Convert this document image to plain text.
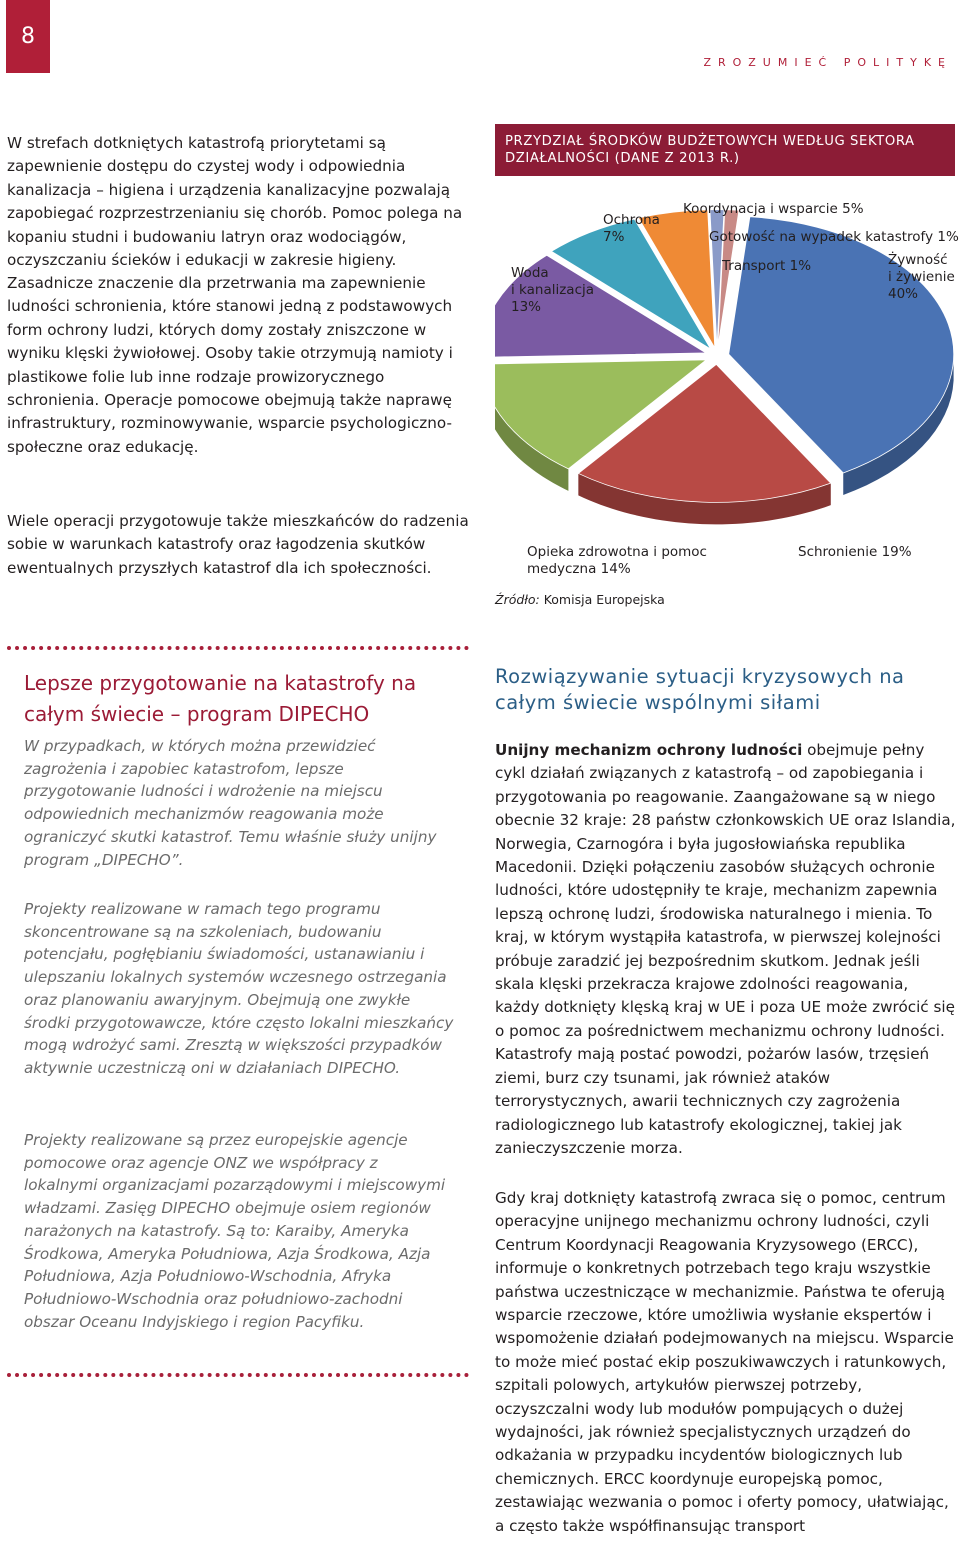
8
ZROZUMIEĆ POLITYKĘ

W strefach dotkniętych katastrofą priorytetami są zapewnienie dostępu do czystej wody i odpowiednia kanalizacja – higiena i urządzenia kanalizacyjne pozwalają zapobiegać rozprzestrzenianiu się chorób. Pomoc polega na kopaniu studni i budowaniu latryn oraz wodociągów, oczyszczaniu ścieków i edukacji w zakresie higieny.

Zasadnicze znaczenie dla przetrwania ma zapewnienie ludności schronienia, które stanowi jedną z podstawowych form ochrony ludzi, których domy zostały zniszczone w wyniku klęski żywiołowej. Osoby takie otrzymują namioty i plastikowe folie lub inne rodzaje prowizorycznego schronienia. Operacje pomocowe obejmują także naprawę infrastruktury, rozminowywanie, wsparcie psychologiczno-społeczne oraz edukację.

Wiele operacji przygotowuje także mieszkańców do radzenia sobie w warunkach katastrofy oraz łagodzenia skutków ewentualnych przyszłych katastrof dla ich społeczności.

PRZYDZIAŁ ŚRODKÓW BUDŻETOWYCH WEDŁUG SEKTORA DZIAŁALNOŚCI (DANE Z 2013 R.)
Źródło: Komisja Europejska
Lepsze przygotowanie na katastrofy na całym świecie – program DIPECHO

W przypadkach, w których można przewidzieć zagrożenia i zapobiec katastrofom, lepsze przygotowanie ludności i wdrożenie na miejscu odpowiednich mechanizmów reagowania może ograniczyć skutki katastrof. Temu właśnie służy unijny program „DIPECHO”.

Projekty realizowane w ramach tego programu skoncentrowane są na szkoleniach, budowaniu potencjału, pogłębianiu świadomości, ustanawianiu i ulepszaniu lokalnych systemów wczesnego ostrzegania oraz planowaniu awaryjnym. Obejmują one zwykłe środki przygotowawcze, które często lokalni mieszkańcy mogą wdrożyć sami. Zresztą w większości przypadków aktywnie uczestniczą oni w działaniach DIPECHO.

Projekty realizowane są przez europejskie agencje pomocowe oraz agencje ONZ we współpracy z lokalnymi organizacjami pozarządowymi i miejscowymi władzami. Zasięg DIPECHO obejmuje osiem regionów narażonych na katastrofy. Są to: Karaiby, Ameryka Środkowa, Ameryka Południowa, Azja Środkowa, Azja Południowa, Azja Południowo-Wschodnia, Afryka Południowo-Wschodnia oraz południowo-zachodni obszar Oceanu Indyjskiego i region Pacyfiku.

Rozwiązywanie sytuacji kryzysowych na całym świecie wspólnymi siłami

Unijny mechanizm ochrony ludności obejmuje pełny cykl działań związanych z katastrofą – od zapobiegania i przygotowania po reagowanie. Zaangażowane są w niego obecnie 32 kraje: 28 państw członkowskich UE oraz Islandia, Norwegia, Czarnogóra i była jugosłowiańska republika Macedonii. Dzięki połączeniu zasobów służących ochronie ludności, które udostępniły te kraje, mechanizm zapewnia lepszą ochronę ludzi, środowiska naturalnego i mienia. To kraj, w którym wystąpiła katastrofa, w pierwszej kolejności próbuje zaradzić jej bezpośrednim skutkom. Jednak jeśli skala klęski przekracza krajowe zdolności reagowania, każdy dotknięty klęską kraj w UE i poza UE może zwrócić się o pomoc za pośrednictwem mechanizmu ochrony ludności. Katastrofy mają postać powodzi, pożarów lasów, trzęsień ziemi, burz czy tsunami, jak również ataków terrorystycznych, awarii technicznych czy zagrożenia radiologicznego lub katastrofy ekologicznej, takiej jak zanieczyszczenie morza.

Gdy kraj dotknięty katastrofą zwraca się o pomoc, centrum operacyjne unijnego mechanizmu ochrony ludności, czyli Centrum Koordynacji Reagowania Kryzysowego (ERCC), informuje o konkretnych potrzebach tego kraju wszystkie państwa uczestniczące w mechanizmie. Państwa te oferują wsparcie rzeczowe, które umożliwia wysłanie ekspertów i wspomożenie działań podejmowanych na miejscu. Wsparcie to może mieć postać ekip poszukiwawczych i ratunkowych, szpitali polowych, artykułów pierwszej potrzeby, oczyszczalni wody lub modułów pompujących o dużej wydajności, jak również specjalistycznych urządzeń do odkażania w przypadku incydentów biologicznych lub chemicznych. ERCC koordynuje europejską pomoc, zestawiając wezwania o pomoc i oferty pomocy, ułatwiając, a często także współfinansując transport

Żywność
i żywienie
40%
Schronienie 19%
Opieka zdrowotna i pomoc
medyczna 14%
Woda
i kanalizacja
13%
Ochrona
7%
Koordynacja i wsparcie 5%
Gotowość na wypadek katastrofy 1%
Transport 1%
